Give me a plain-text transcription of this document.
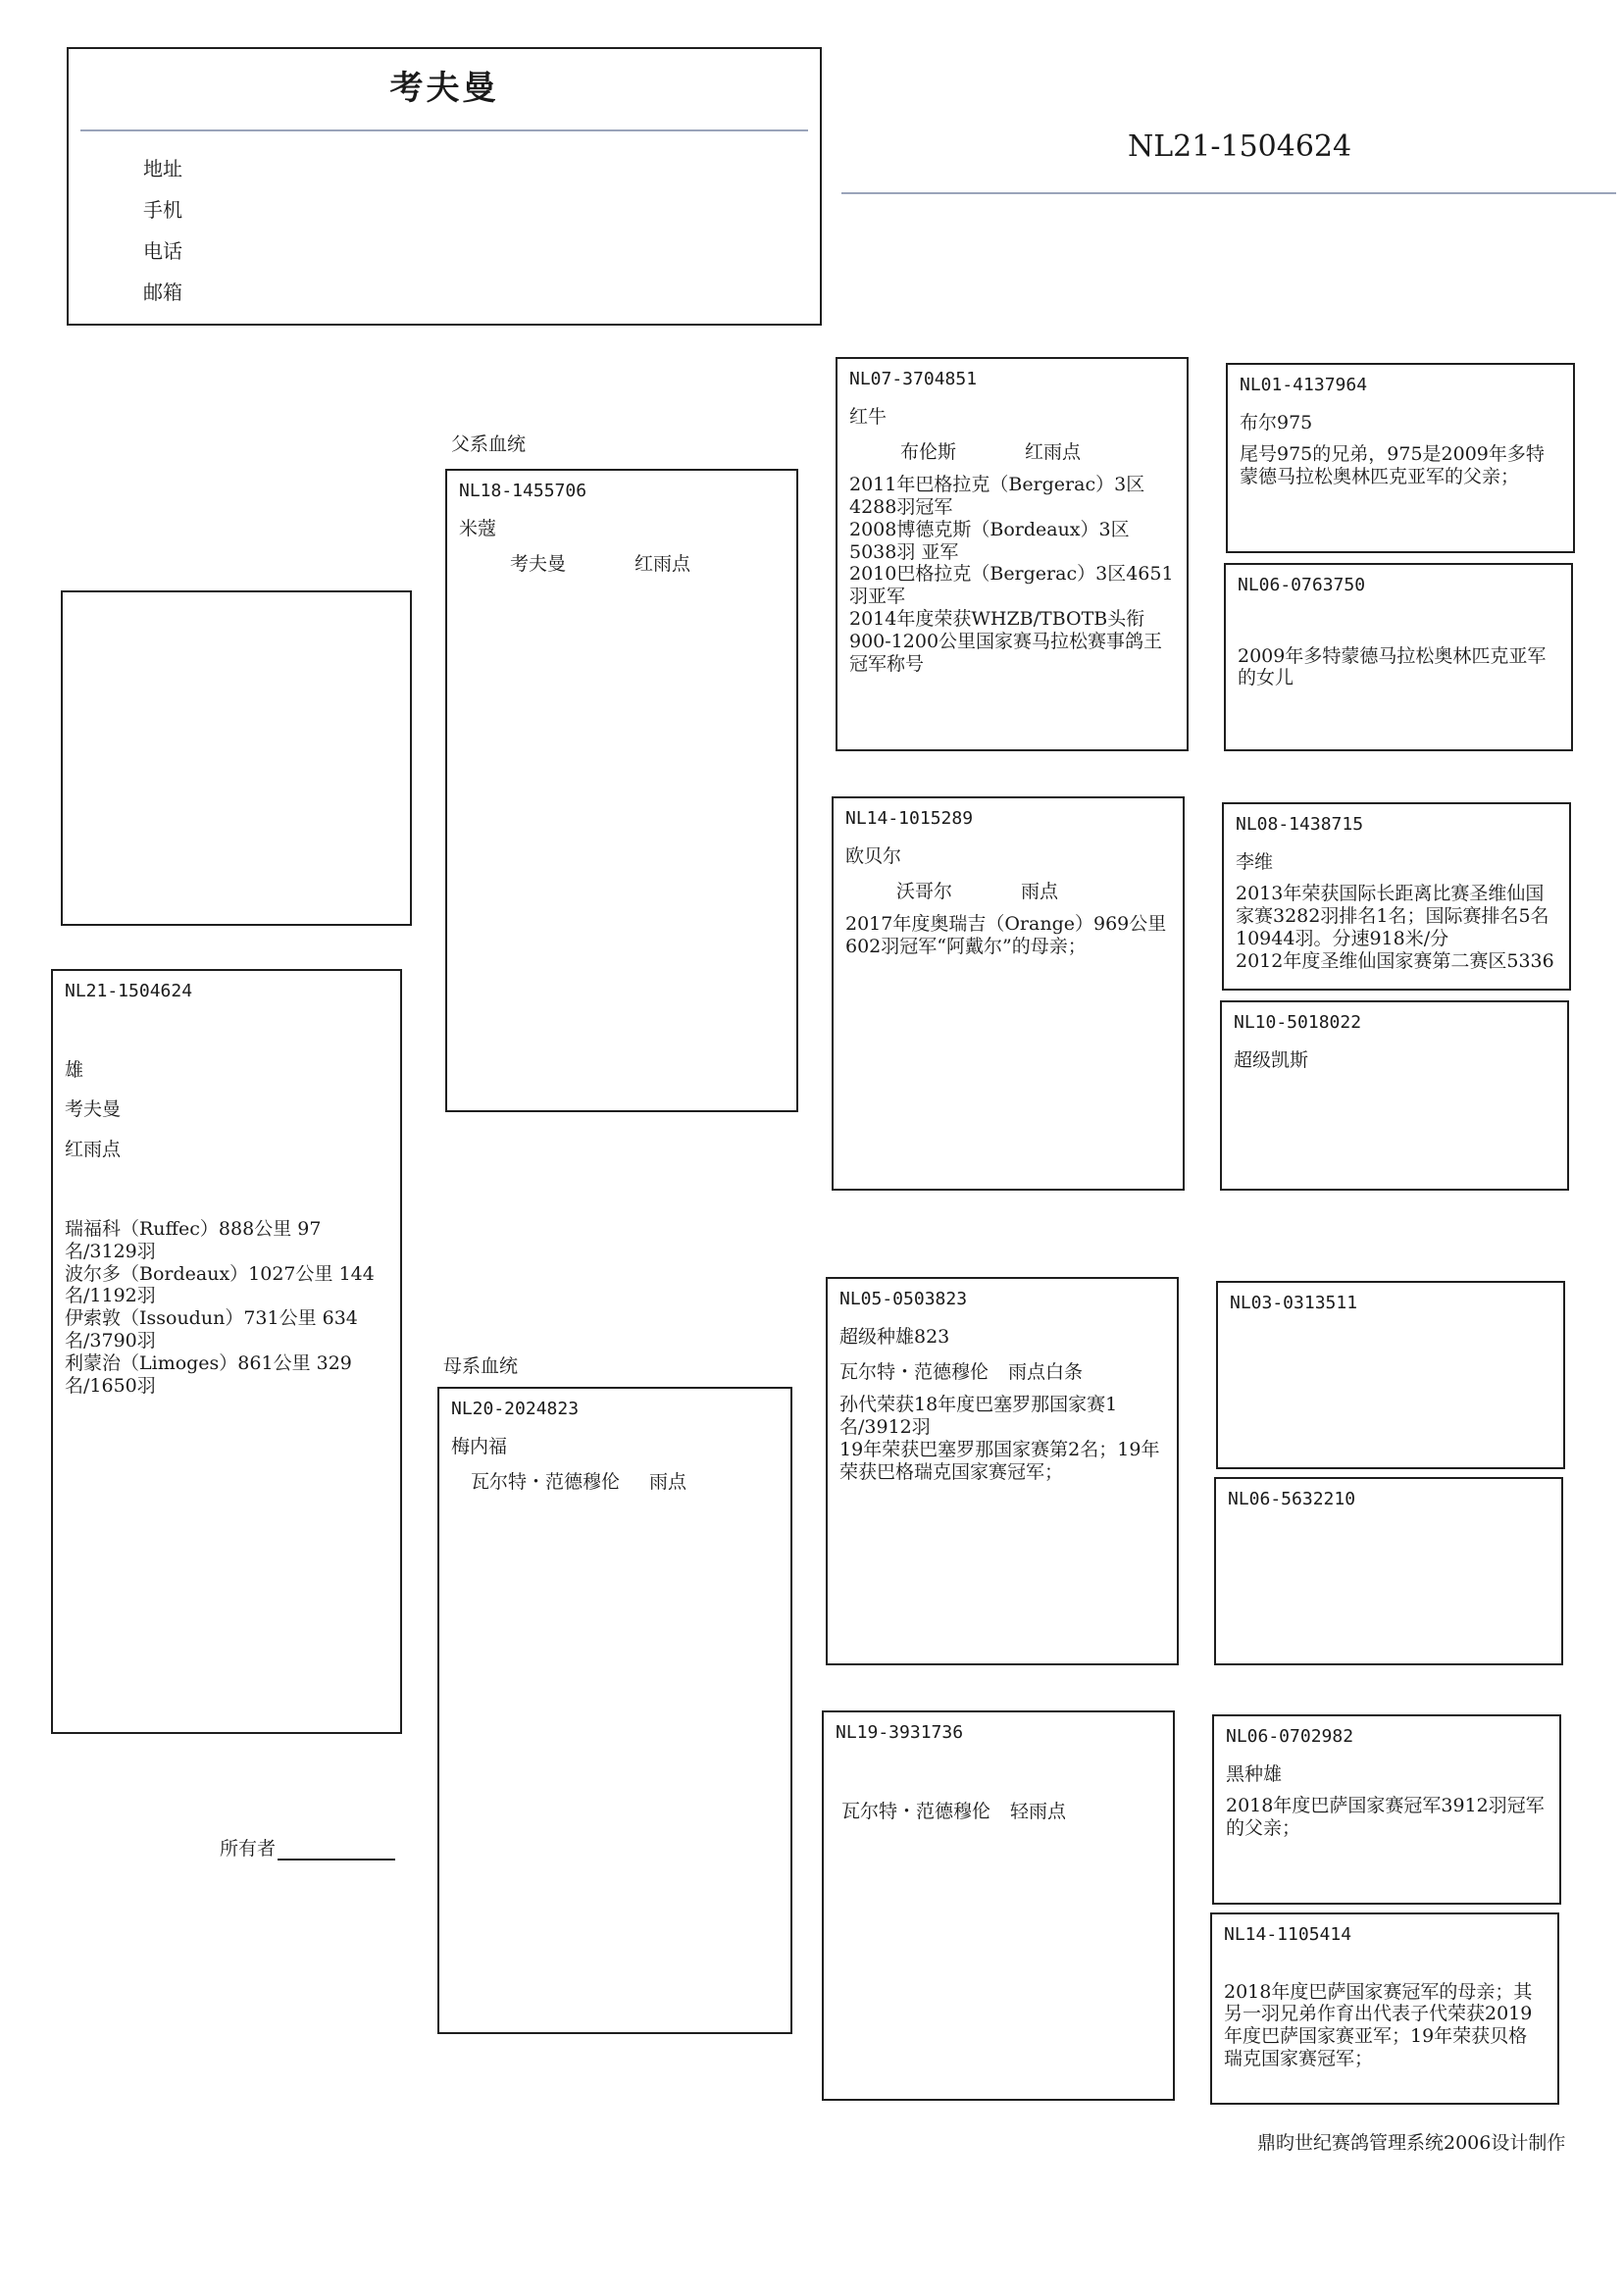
考夫曼
地址
手机
电话
邮箱
NL21-1504624
NL21-1504624
雄
考夫曼
红雨点
瑞福科（Ruffec）888公里 97名/3129羽
波尔多（Bordeaux）1027公里 144名/1192羽
伊索敦（Issoudun）731公里 634名/3790羽
利蒙治（Limoges）861公里 329名/1650羽
所有者
父系血统
NL18-1455706
米蔻
考夫曼	红雨点
母系血统
NL20-2024823
梅内福
瓦尔特・范德穆伦 雨点
NL07-3704851
红牛
布伦斯	红雨点
2011年巴格拉克（Bergerac）3区4288羽冠军
2008博德克斯（Bordeaux）3区 5038羽 亚军
2010巴格拉克（Bergerac）3区4651羽亚军
2014年度荣获WHZB/TBOTB头衔900-1200公里国家赛马拉松赛事鸽王冠军称号
NL14-1015289
欧贝尔
沃哥尔	雨点
2017年度奥瑞吉（Orange）969公里602羽冠军“阿戴尔”的母亲；
NL05-0503823
超级种雄823
瓦尔特・范德穆伦 雨点白条
孙代荣获18年度巴塞罗那国家赛1名/3912羽
19年荣获巴塞罗那国家赛第2名；19年荣获巴格瑞克国家赛冠军；
NL19-3931736
瓦尔特・范德穆伦 轻雨点
NL01-4137964
布尔975
尾号975的兄弟，975是2009年多特蒙德马拉松奥林匹克亚军的父亲；
NL06-0763750
2009年多特蒙德马拉松奥林匹克亚军的女儿
NL08-1438715
李维
2013年荣获国际长距离比赛圣维仙国家赛3282羽排名1名；国际赛排名5名10944羽。分速918米/分
2012年度圣维仙国家赛第二赛区5336
NL10-5018022
超级凯斯
NL03-0313511
NL06-5632210
NL06-0702982
黑种雄
2018年度巴萨国家赛冠军3912羽冠军的父亲；
NL14-1105414
2018年度巴萨国家赛冠军的母亲；其另一羽兄弟作育出代表子代荣获2019年度巴萨国家赛亚军；19年荣获贝格瑞克国家赛冠军；
鼎昀世纪赛鸽管理系统2006设计制作
